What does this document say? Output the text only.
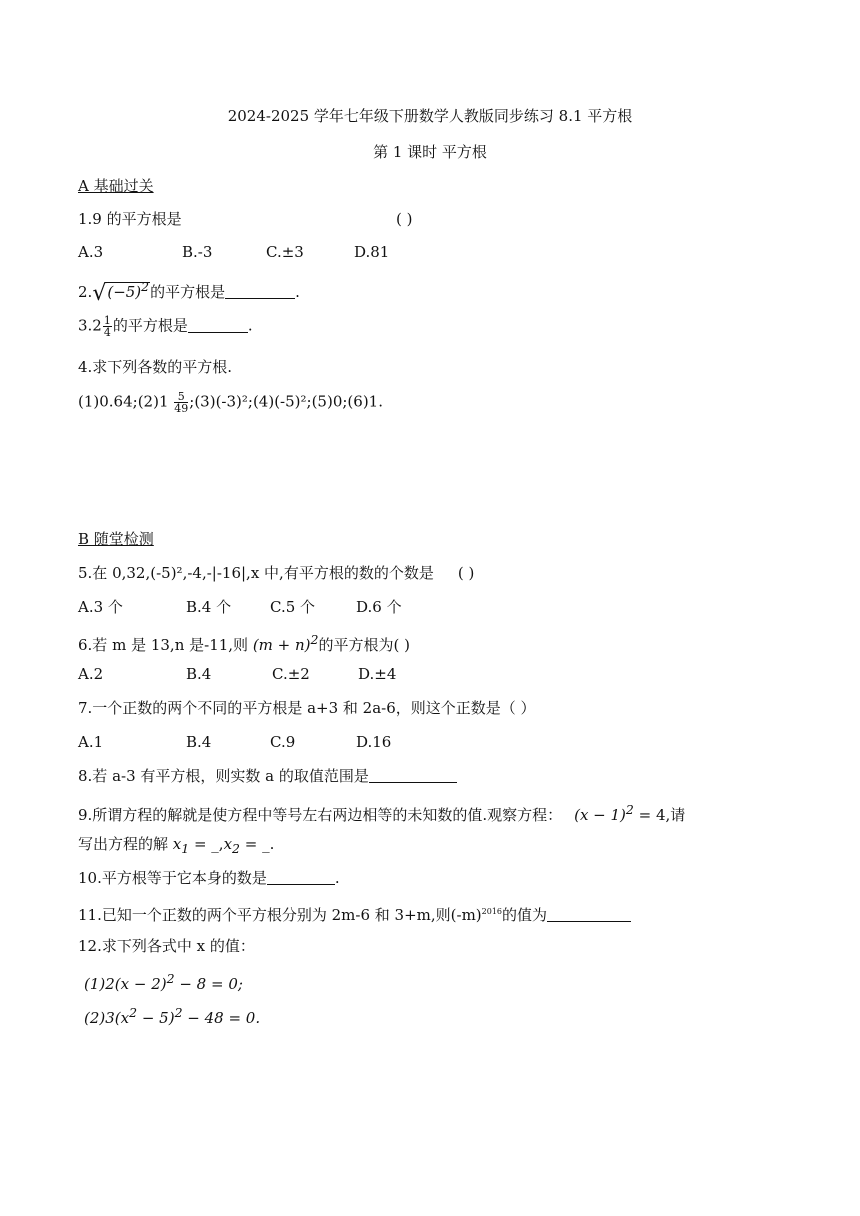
2024-2025 学年七年级下册数学人教版同步练习 8.1 平方根
第 1 课时 平方根
A 基础过关
1.9 的平方根是	( )
A.3	B.-3	C.±3	D.81
$2.√(-5)^2$的平方根是	.
$3.2 \frac{1}{4}$ 的平方根是	.
4.求下列各数的平方根.
(1)0.64;(2)1 $\frac{5}{49}$ ;(3)(-3)²;(4)(-5)²;(5)0;(6)1.
B 随堂检测
5.在 0,32,(-5)²,-4,-|-16|,x 中,有平方根的数的个数是 ( )
A.3 个	B.4 个	C.5 个	D.6 个
6.若 m 是 13,n 是-11,则 $(m + n)^2$的平方根为( )
A.2	B.4	C.±2	D.±4
7.一个正数的两个不同的平方根是 a+3 和 2a-6，则这个正数是（ ）
A.1	B.4	C.9	D.16
8.若 a-3 有平方根，则实数 a 的取值范围是
9.所谓方程的解就是使方程中等号左右两边相等的未知数的值.观察方程： $(x - 1)^2 = 4$,请
写出方程的解 $x_1$ = $\_,x_2$ = _.
10.平方根等于它本身的数是	.
11.已知一个正数的两个平方根分别为 2m-6 和 3+m,则$(-m)^{2016}$的值为
12.求下列各式中 x 的值：
$(1)2(x - 2)^2 - 8 = 0$;
$(2)3(x^2 - 5)^2 - 48 = 0$.
